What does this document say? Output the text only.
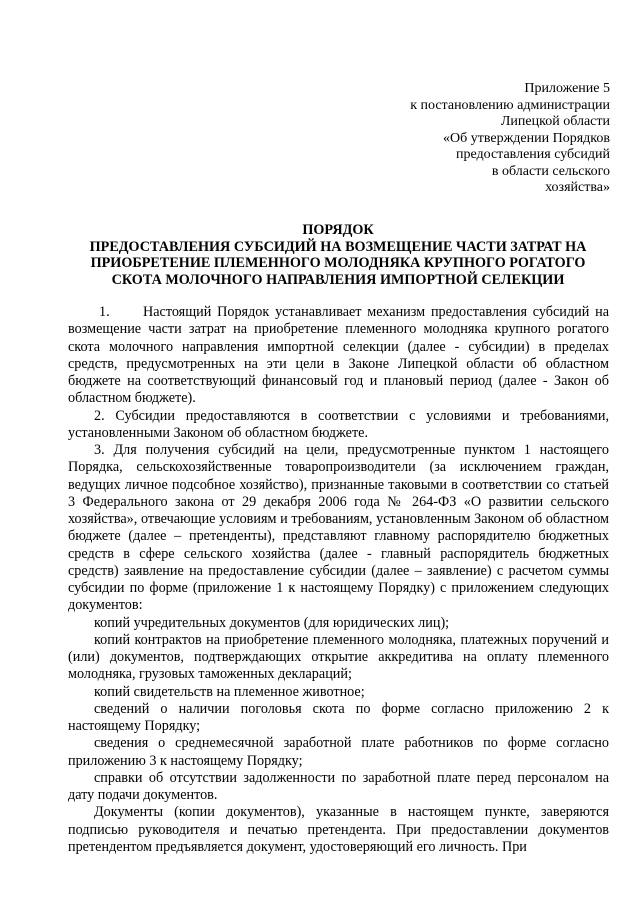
Приложение 5
к постановлению администрации
Липецкой области
«Об утверждении Порядков
предоставления субсидий
в области сельского
хозяйства»
ПОРЯДОК
ПРЕДОСТАВЛЕНИЯ СУБСИДИЙ НА ВОЗМЕЩЕНИЕ ЧАСТИ ЗАТРАТ НА
ПРИОБРЕТЕНИЕ ПЛЕМЕННОГО МОЛОДНЯКА КРУПНОГО РОГАТОГО
СКОТА МОЛОЧНОГО НАПРАВЛЕНИЯ ИМПОРТНОЙ СЕЛЕКЦИИ

1. Настоящий Порядок устанавливает механизм предоставления субсидий на возмещение части затрат на приобретение племенного молодняка крупного рогатого скота молочного направления импортной селекции (далее - субсидии) в пределах средств, предусмотренных на эти цели в Законе Липецкой области об областном бюджете на соответствующий финансовый год и плановый период (далее - Закон об областном бюджете).

2. Субсидии предоставляются в соответствии с условиями и требованиями, установленными Законом об областном бюджете.

3. Для получения субсидий на цели, предусмотренные пунктом 1 настоящего Порядка, сельскохозяйственные товаропроизводители (за исключением граждан, ведущих личное подсобное хозяйство), признанные таковыми в соответствии со статьей 3 Федерального закона от 29 декабря 2006 года № 264-ФЗ «О развитии сельского хозяйства», отвечающие условиям и требованиям, установленным Законом об областном бюджете (далее – претенденты), представляют главному распорядителю бюджетных средств в сфере сельского хозяйства (далее - главный распорядитель бюджетных средств) заявление на предоставление субсидии (далее – заявление) с расчетом суммы субсидии по форме (приложение 1 к настоящему Порядку) с приложением следующих документов:

копий учредительных документов (для юридических лиц);

копий контрактов на приобретение племенного молодняка, платежных поручений и (или) документов, подтверждающих открытие аккредитива на оплату племенного молодняка, грузовых таможенных деклараций;

копий свидетельств на племенное животное;

сведений о наличии поголовья скота по форме согласно приложению 2 к настоящему Порядку;

сведения о среднемесячной заработной плате работников по форме согласно приложению 3 к настоящему Порядку;

справки об отсутствии задолженности по заработной плате перед персоналом на дату подачи документов.

Документы (копии документов), указанные в настоящем пункте, заверяются подписью руководителя и печатью претендента. При предоставлении документов претендентом предъявляется документ, удостоверяющий его личность. При
